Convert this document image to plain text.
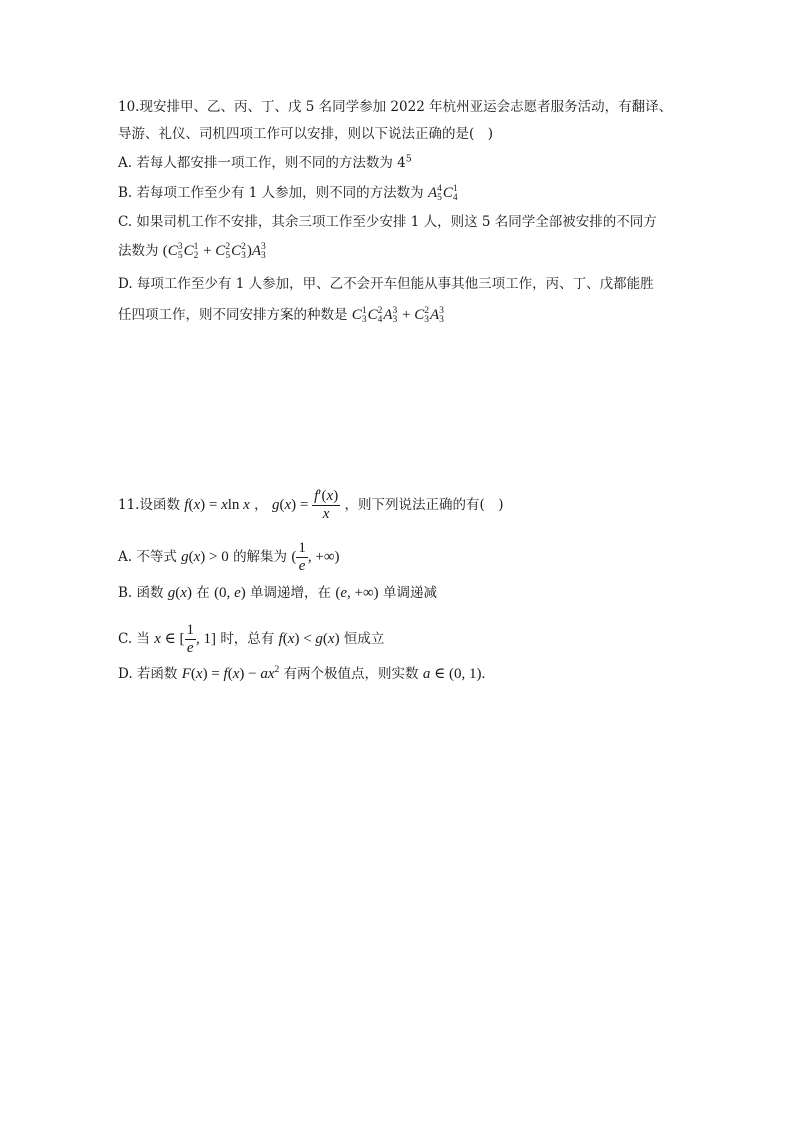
10.现安排甲、乙、丙、丁、戊 5 名同学参加 2022 年杭州亚运会志愿者服务活动，有翻译、
导游、礼仪、司机四项工作可以安排，则以下说法正确的是(　)
A. 若每人都安排一项工作，则不同的方法数为 $4^5$
B. 若每项工作至少有 1 人参加，则不同的方法数为 A 4
5 C 1
4
C. 如果司机工作不安排，其余三项工作至少安排 1 人，则这 5 名同学全部被安排的不同方
法数为 (C 3
5 C 1
2 + C 2
5 C 2
3 )A 3
3
D. 每项工作至少有 1 人参加，甲、乙不会开车但能从事其他三项工作，丙、丁、戊都能胜
任四项工作，则不同安排方案的种数是 C 1
3 C 2
4 A 3
3 + C 2
3 A 3
3
11.设函数 f(x) = xln x ， $g(x) = \frac{f'(x)}{x}$ ，则下列说法正确的有(　)
A. 不等式 g(x) > 0 的解集为 ( $\frac{1}{e}$ , +∞)
B. 函数 g(x) 在 (0, e) 单调递增，在 (e, +∞) 单调递减
C. 当 x ∈ [ $\frac{1}{e}$ , 1] 时，总有 f(x) < g(x) 恒成立
D. 若函数 $F(x) = f(x) - ax^2$ 有两个极值点，则实数 a ∈ (0, 1).
